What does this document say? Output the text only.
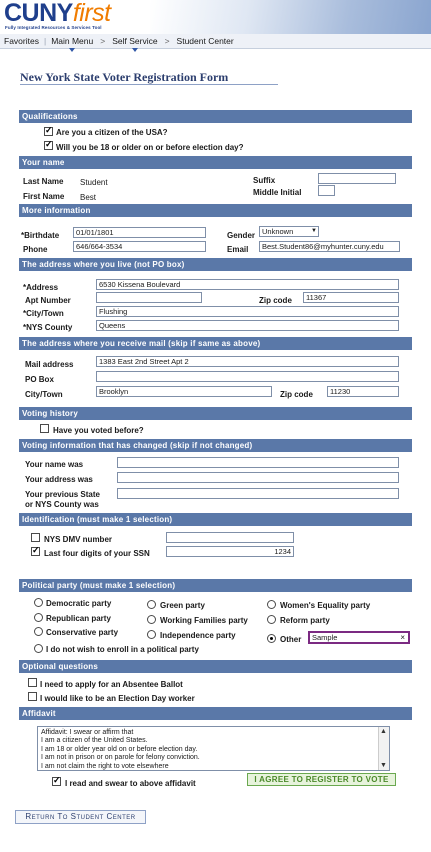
CUNYfirst
Fully Integrated Resources & Services Tool
Favorites | Main Menu > Self Service > Student Center
New York State Voter Registration Form
Qualifications
✓
Are you a citizen of the USA?
✓
Will you be 18 or older on or before election day?
Your name
Last Name Student
First Name Best
Suffix
Middle Initial
More information
*Birthdate	01/01/1801
Phone	646/664-3534
Gender Unknown	▼
Email	Best.Student86@myhunter.cuny.edu
The address where you live (not PO box)
*Address	6530 Kissena Boulevard
Apt Number	Zip code	11367
*City/Town	Flushing
*NYS County	Queens
The address where you receive mail (skip if same as above)
Mail address	1383 East 2nd Street Apt 2
PO Box
City/Town	Brooklyn	Zip code	11230
Voting history
Have you voted before?
Voting information that has changed (skip if not changed)
Your name was
Your address was
Your previous State
or NYS County was
Identification (must make 1 selection)
NYS DMV number
✓
Last four digits of your SSN	1234
Political party (must make 1 selection)
Democratic party	Green party	Women's Equality party
Republican party	Working Families party	Reform party
Conservative party	Independence party	Other	Sample	×
I do not wish to enroll in a political party
Optional questions
I need to apply for an Absentee Ballot
I would like to be an Election Day worker
Affidavit
Affidavit: I swear or affirm that
I am a citizen of the United States.
I am 18 or older year old on or before election day.
I am not in prison or on parole for felony conviction.
I am not claim the right to vote elsewhere
▲
▼
✓
I read and swear to above affidavit	I AGREE TO REGISTER TO VOTE
Return To Student Center
